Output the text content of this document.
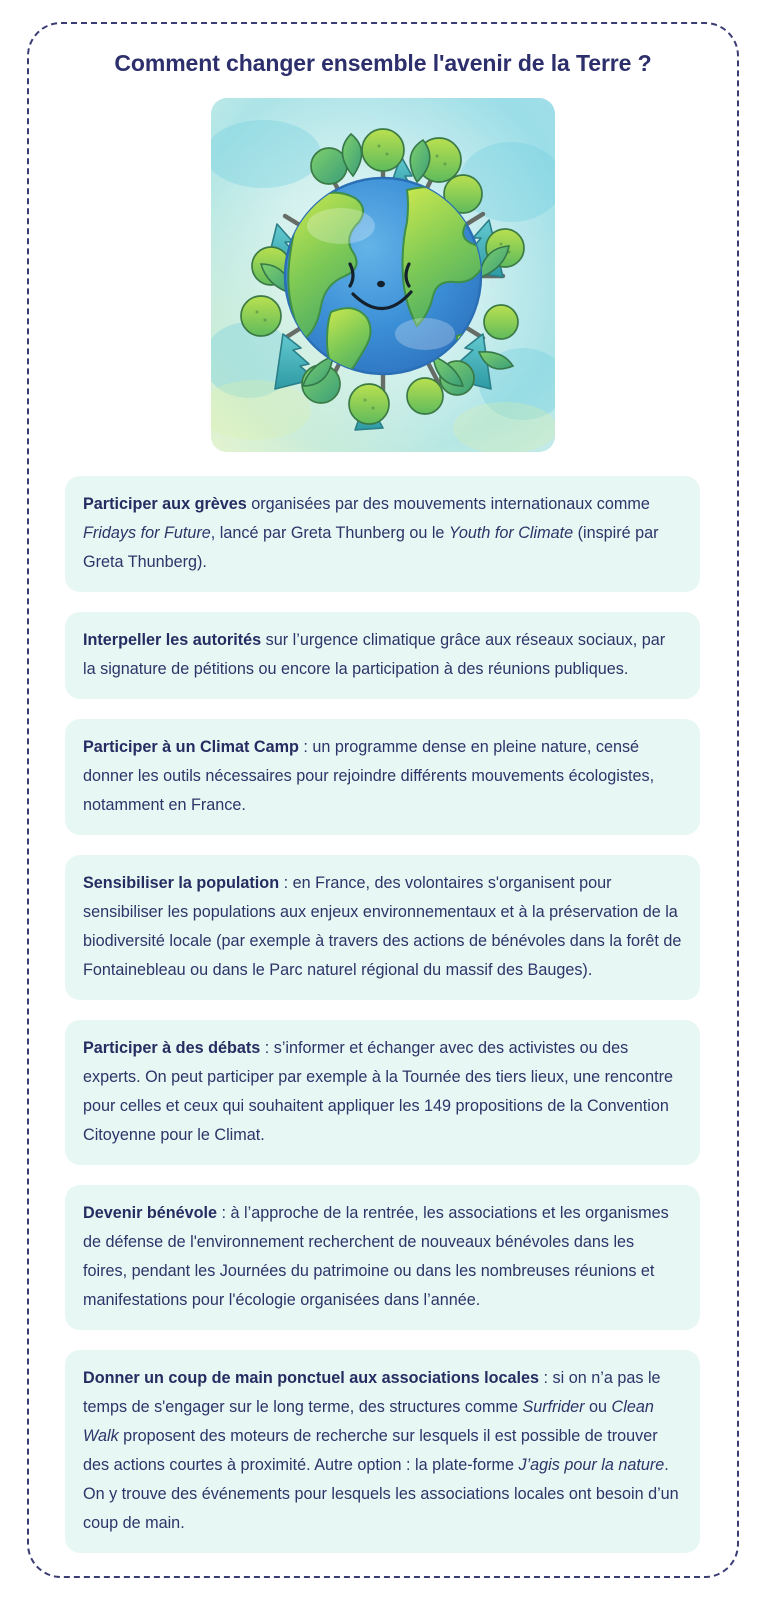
Comment changer ensemble l'avenir de la Terre ?
Participer aux grèves organisées par des mouvements internationaux comme Fridays for Future, lancé par Greta Thunberg ou le Youth for Climate (inspiré par Greta Thunberg).
Interpeller les autorités sur l’urgence climatique grâce aux réseaux sociaux, par la signature de pétitions ou encore la participation à des réunions publiques.
Participer à un Climat Camp : un programme dense en pleine nature, censé donner les outils nécessaires pour rejoindre différents mouvements écologistes, notamment en France.
Sensibiliser la population : en France, des volontaires s'organisent pour sensibiliser les populations aux enjeux environnementaux et à la préservation de la biodiversité locale (par exemple à travers des actions de bénévoles dans la forêt de Fontainebleau ou dans le Parc naturel régional du massif des Bauges).
Participer à des débats : s’informer et échanger avec des activistes ou des experts. On peut participer par exemple à la Tournée des tiers lieux, une rencontre pour celles et ceux qui souhaitent appliquer les 149 propositions de la Convention Citoyenne pour le Climat.
Devenir bénévole : à l’approche de la rentrée, les associations et les organismes de défense de l'environnement recherchent de nouveaux bénévoles dans les foires, pendant les Journées du patrimoine ou dans les nombreuses réunions et manifestations pour l'écologie organisées dans l’année.
Donner un coup de main ponctuel aux associations locales : si on n’a pas le temps de s'engager sur le long terme, des structures comme Surfrider ou Clean Walk proposent des moteurs de recherche sur lesquels il est possible de trouver des actions courtes à proximité. Autre option : la plate-forme J’agis pour la nature. On y trouve des événements pour lesquels les associations locales ont besoin d’un coup de main.
